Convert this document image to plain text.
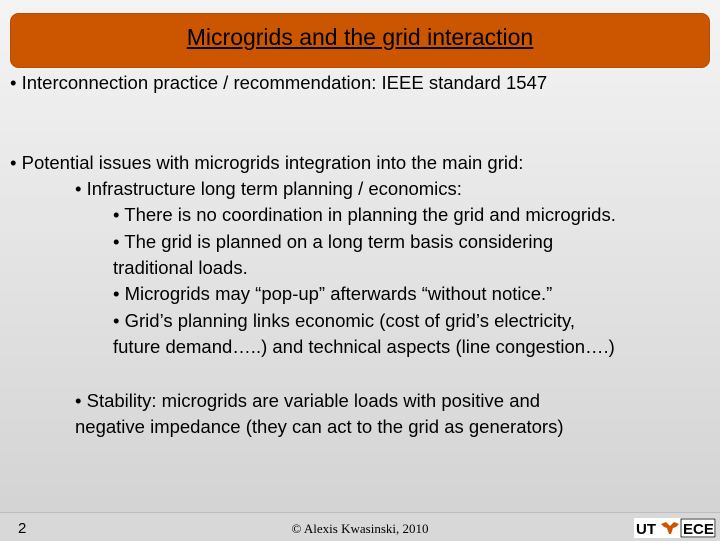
Microgrids and the grid interaction
• Interconnection practice / recommendation: IEEE standard 1547
• Potential issues with microgrids integration into the main grid:
• Infrastructure long term planning / economics:
• There is no coordination in planning the grid and microgrids.
• The grid is planned on a long term basis considering
traditional loads.
• Microgrids may “pop-up” afterwards “without notice.”
• Grid’s planning links economic (cost of grid’s electricity,
future demand…..) and technical aspects (line congestion….)
• Stability: microgrids are variable loads with positive and
negative impedance (they can act to the grid as generators)
2	© Alexis Kwasinski, 2010	UT ECE
